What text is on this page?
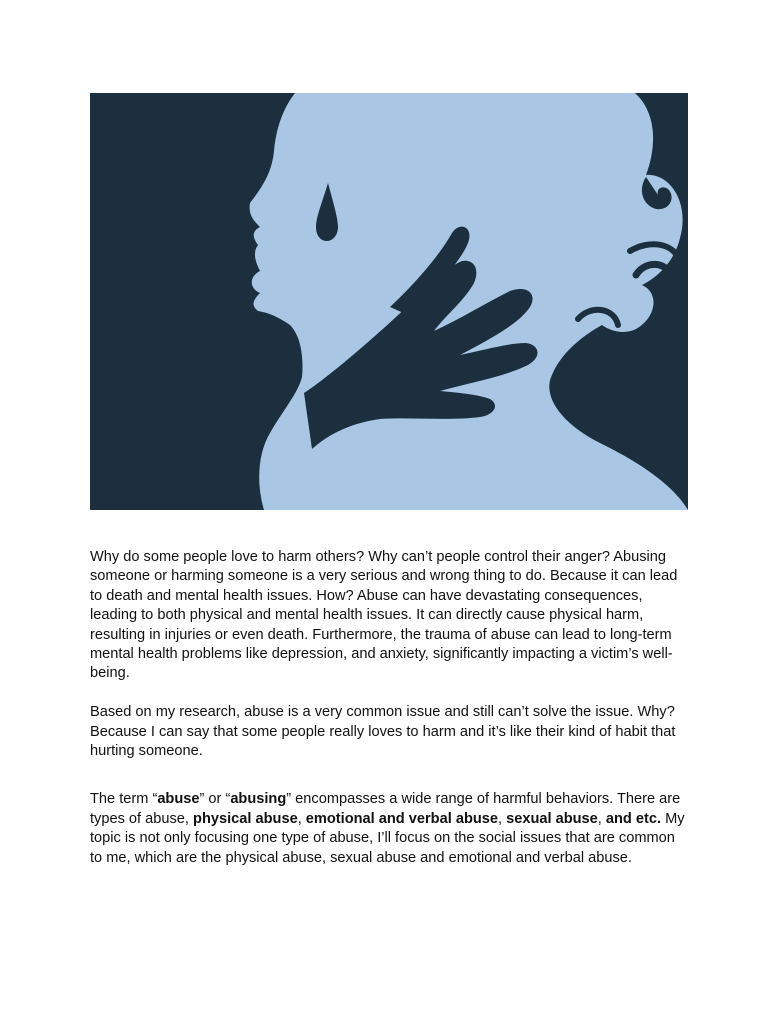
Why do some people love to harm others? Why can’t people control their anger? Abusing someone or harming someone is a very serious and wrong thing to do. Because it can lead to death and mental health issues. How? Abuse can have devastating consequences, leading to both physical and mental health issues. It can directly cause physical harm, resulting in injuries or even death. Furthermore, the trauma of abuse can lead to long-term mental health problems like depression, and anxiety, significantly impacting a victim’s well-being.

Based on my research, abuse is a very common issue and still can’t solve the issue. Why? Because I can say that some people really loves to harm and it’s like their kind of habit that hurting someone.

The term “abuse” or “abusing” encompasses a wide range of harmful behaviors. There are types of abuse, physical abuse, emotional and verbal abuse, sexual abuse, and etc. My topic is not only focusing one type of abuse, I’ll focus on the social issues that are common to me, which are the physical abuse, sexual abuse and emotional and verbal abuse.
